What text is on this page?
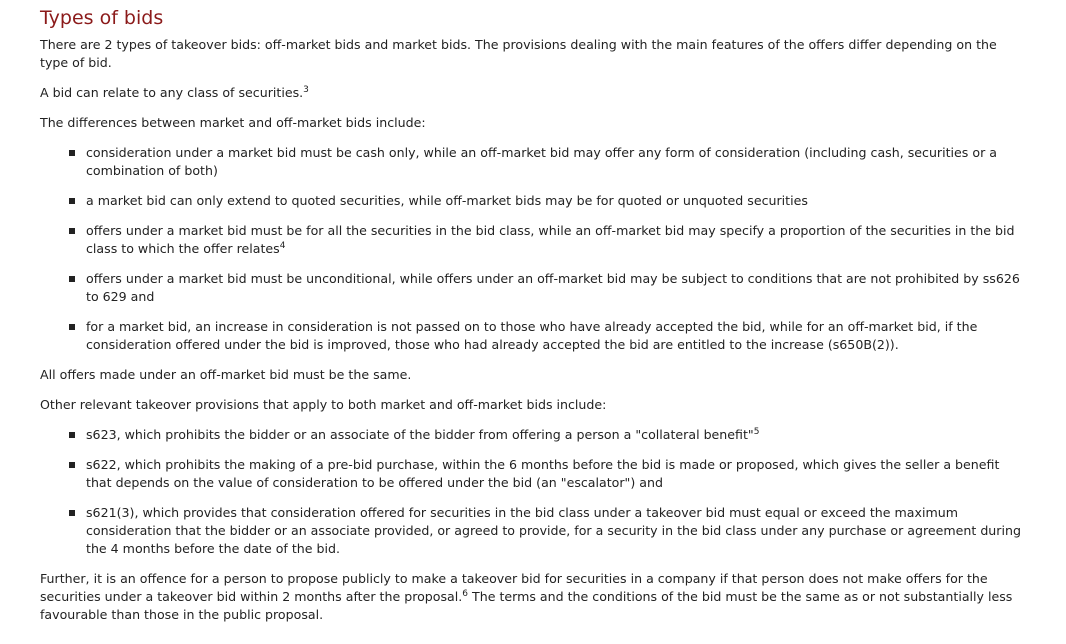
Types of bids

There are 2 types of takeover bids: off-market bids and market bids. The provisions dealing with the main features of the offers differ depending on the type of bid.

A bid can relate to any class of securities.$^3$

The differences between market and off-market bids include:

consideration under a market bid must be cash only, while an off-market bid may offer any form of consideration (including cash, securities or a combination of both)
a market bid can only extend to quoted securities, while off-market bids may be for quoted or unquoted securities
offers under a market bid must be for all the securities in the bid class, while an off-market bid may specify a proportion of the securities in the bid class to which the offer relates$^4$
offers under a market bid must be unconditional, while offers under an off-market bid may be subject to conditions that are not prohibited by ss626 to 629 and
for a market bid, an increase in consideration is not passed on to those who have already accepted the bid, while for an off-market bid, if the consideration offered under the bid is improved, those who had already accepted the bid are entitled to the increase (s650B(2)).

All offers made under an off-market bid must be the same.

Other relevant takeover provisions that apply to both market and off-market bids include:

s623, which prohibits the bidder or an associate of the bidder from offering a person a "collateral benefit"$^5$
s622, which prohibits the making of a pre-bid purchase, within the 6 months before the bid is made or proposed, which gives the seller a benefit that depends on the value of consideration to be offered under the bid (an "escalator") and
s621(3), which provides that consideration offered for securities in the bid class under a takeover bid must equal or exceed the maximum consideration that the bidder or an associate provided, or agreed to provide, for a security in the bid class under any purchase or agreement during the 4 months before the date of the bid.

Further, it is an offence for a person to propose publicly to make a takeover bid for securities in a company if that person does not make offers for the securities under a takeover bid within 2 months after the proposal.$^6$ The terms and the conditions of the bid must be the same as or not substantially less favourable than those in the public proposal.
